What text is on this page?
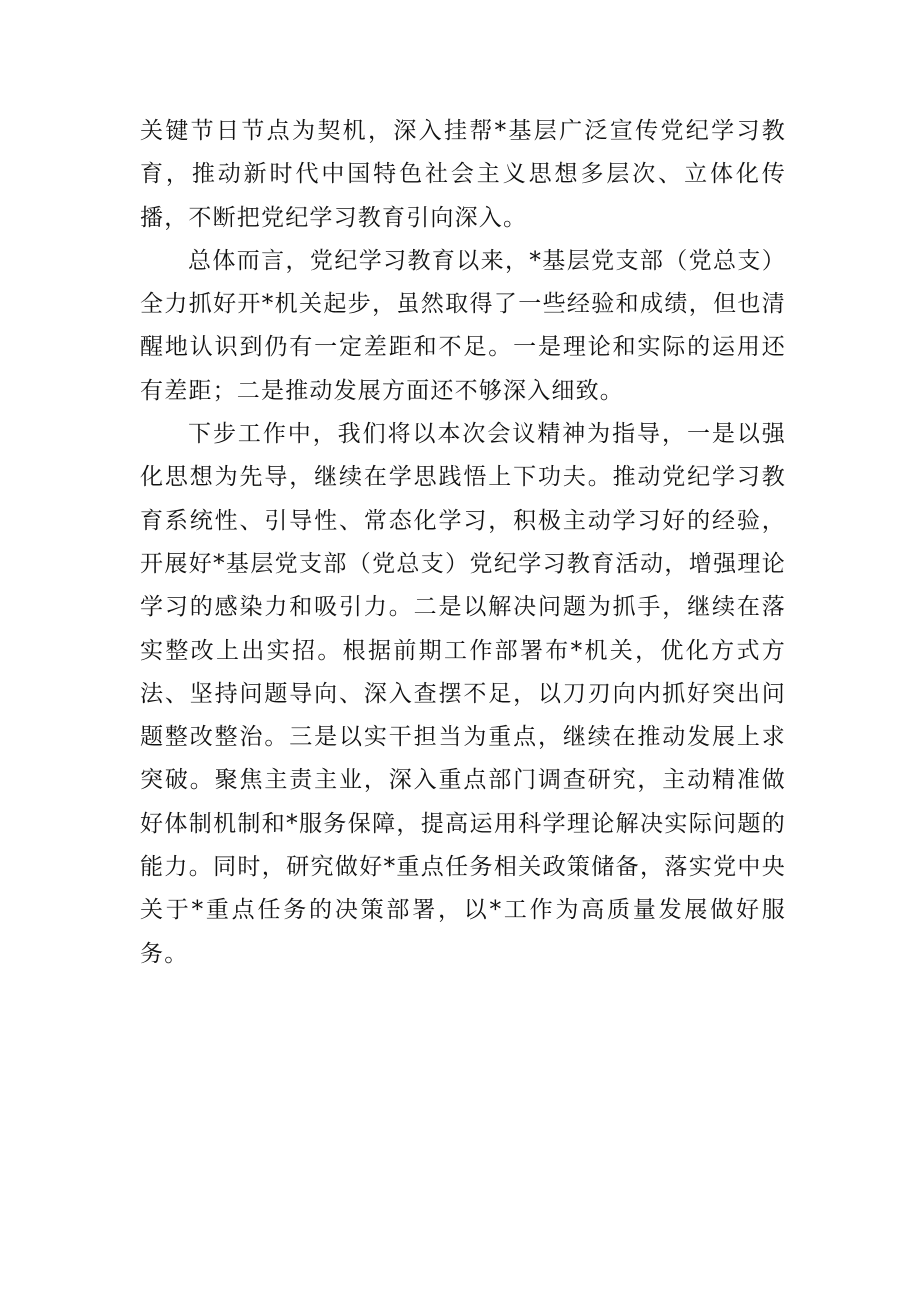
关键节日节点为契机，深入挂帮*基层广泛宣传党纪学习教育，推动新时代中国特色社会主义思想多层次、立体化传播，不断把党纪学习教育引向深入。

总体而言，党纪学习教育以来，*基层党支部（党总支）全力抓好开*机关起步，虽然取得了一些经验和成绩，但也清醒地认识到仍有一定差距和不足。一是理论和实际的运用还有差距；二是推动发展方面还不够深入细致。

下步工作中，我们将以本次会议精神为指导，一是以强化思想为先导，继续在学思践悟上下功夫。推动党纪学习教育系统性、引导性、常态化学习，积极主动学习好的经验，开展好*基层党支部（党总支）党纪学习教育活动，增强理论学习的感染力和吸引力。二是以解决问题为抓手，继续在落实整改上出实招。根据前期工作部署布*机关，优化方式方法、坚持问题导向、深入查摆不足，以刀刃向内抓好突出问题整改整治。三是以实干担当为重点，继续在推动发展上求突破。聚焦主责主业，深入重点部门调查研究，主动精准做好体制机制和*服务保障，提高运用科学理论解决实际问题的能力。同时，研究做好*重点任务相关政策储备，落实党中央关于*重点任务的决策部署，以*工作为高质量发展做好服务。
